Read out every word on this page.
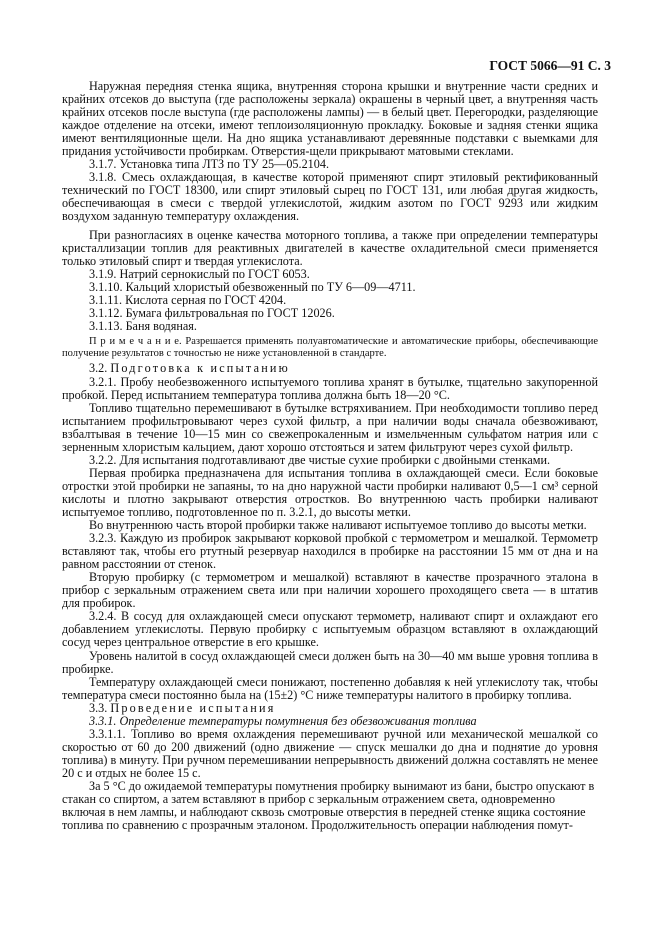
ГОСТ 5066—91 С. 3

Наружная передняя стенка ящика, внутренняя сторона крышки и внутренние части средних и крайних отсеков до выступа (где расположены зеркала) окрашены в черный цвет, а внутренняя часть крайних отсеков после выступа (где расположены лампы) — в белый цвет. Перегородки, разделяющие каждое отделение на отсеки, имеют теплоизоляционную прокладку. Боковые и задняя стенки ящика имеют вентиляционные щели. На дно ящика устанавливают деревянные подставки с выемками для придания устойчивости пробиркам. Отверстия-щели прикрывают матовыми стеклами.

3.1.7. Установка типа ЛТЗ по ТУ 25—05.2104.

3.1.8. Смесь охлаждающая, в качестве которой применяют спирт этиловый ректификованный технический по ГОСТ 18300, или спирт этиловый сырец по ГОСТ 131, или любая другая жидкость, обеспечивающая в смеси с твердой углекислотой, жидким азотом по ГОСТ 9293 или жидким воздухом заданную температуру охлаждения.

При разногласиях в оценке качества моторного топлива, а также при определении температуры кристаллизации топлив для реактивных двигателей в качестве охладительной смеси применяется только этиловый спирт и твердая углекислота.

3.1.9. Натрий сернокислый по ГОСТ 6053.

3.1.10. Кальций хлористый обезвоженный по ТУ 6—09—4711.

3.1.11. Кислота серная по ГОСТ 4204.

3.1.12. Бумага фильтровальная по ГОСТ 12026.

3.1.13. Баня водяная.

П р и м е ч а н и е. Разрешается применять полуавтоматические и автоматические приборы, обеспечивающие получение результатов с точностью не ниже установленной в стандарте.

3.2. Подготовка к испытанию

3.2.1. Пробу необезвоженного испытуемого топлива хранят в бутылке, тщательно закупоренной пробкой. Перед испытанием температура топлива должна быть 18—20 °С.

Топливо тщательно перемешивают в бутылке встряхиванием. При необходимости топливо перед испытанием профильтровывают через сухой фильтр, а при наличии воды сначала обезвоживают, взбалтывая в течение 10—15 мин со свежепрокаленным и измельченным сульфатом натрия или с зерненным хлористым кальцием, дают хорошо отстояться и затем фильтруют через сухой фильтр.

3.2.2. Для испытания подготавливают две чистые сухие пробирки с двойными стенками.

Первая пробирка предназначена для испытания топлива в охлаждающей смеси. Если боковые отростки этой пробирки не запаяны, то на дно наружной части пробирки наливают 0,5—1 см³ серной кислоты и плотно закрывают отверстия отростков. Во внутреннюю часть пробирки наливают испытуемое топливо, подготовленное по п. 3.2.1, до высоты метки.

Во внутреннюю часть второй пробирки также наливают испытуемое топливо до высоты метки.

3.2.3. Каждую из пробирок закрывают корковой пробкой с термометром и мешалкой. Термометр вставляют так, чтобы его ртутный резервуар находился в пробирке на расстоянии 15 мм от дна и на равном расстоянии от стенок.

Вторую пробирку (с термометром и мешалкой) вставляют в качестве прозрачного эталона в прибор с зеркальным отражением света или при наличии хорошего проходящего света — в штатив для пробирок.

3.2.4. В сосуд для охлаждающей смеси опускают термометр, наливают спирт и охлаждают его добавлением углекислоты. Первую пробирку с испытуемым образцом вставляют в охлаждающий сосуд через центральное отверстие в его крышке.

Уровень налитой в сосуд охлаждающей смеси должен быть на 30—40 мм выше уровня топлива в пробирке.

Температуру охлаждающей смеси понижают, постепенно добавляя к ней углекислоту так, чтобы температура смеси постоянно была на (15±2) °С ниже температуры налитого в пробирку топлива.

3.3. Проведение испытания

3.3.1. Определение температуры помутнения без обезвоживания топлива

3.3.1.1. Топливо во время охлаждения перемешивают ручной или механической мешалкой со скоростью от 60 до 200 движений (одно движение — спуск мешалки до дна и поднятие до уровня топлива) в минуту. При ручном перемешивании непрерывность движений должна составлять не менее 20 с и отдых не более 15 с.

За 5 °С до ожидаемой температуры помутнения пробирку вынимают из бани, быстро опускают в стакан со спиртом, а затем вставляют в прибор с зеркальным отражением света, одновременно включая в нем лампы, и наблюдают сквозь смотровые отверстия в передней стенке ящика состояние топлива по сравнению с прозрачным эталоном. Продолжительность операции наблюдения помут-
